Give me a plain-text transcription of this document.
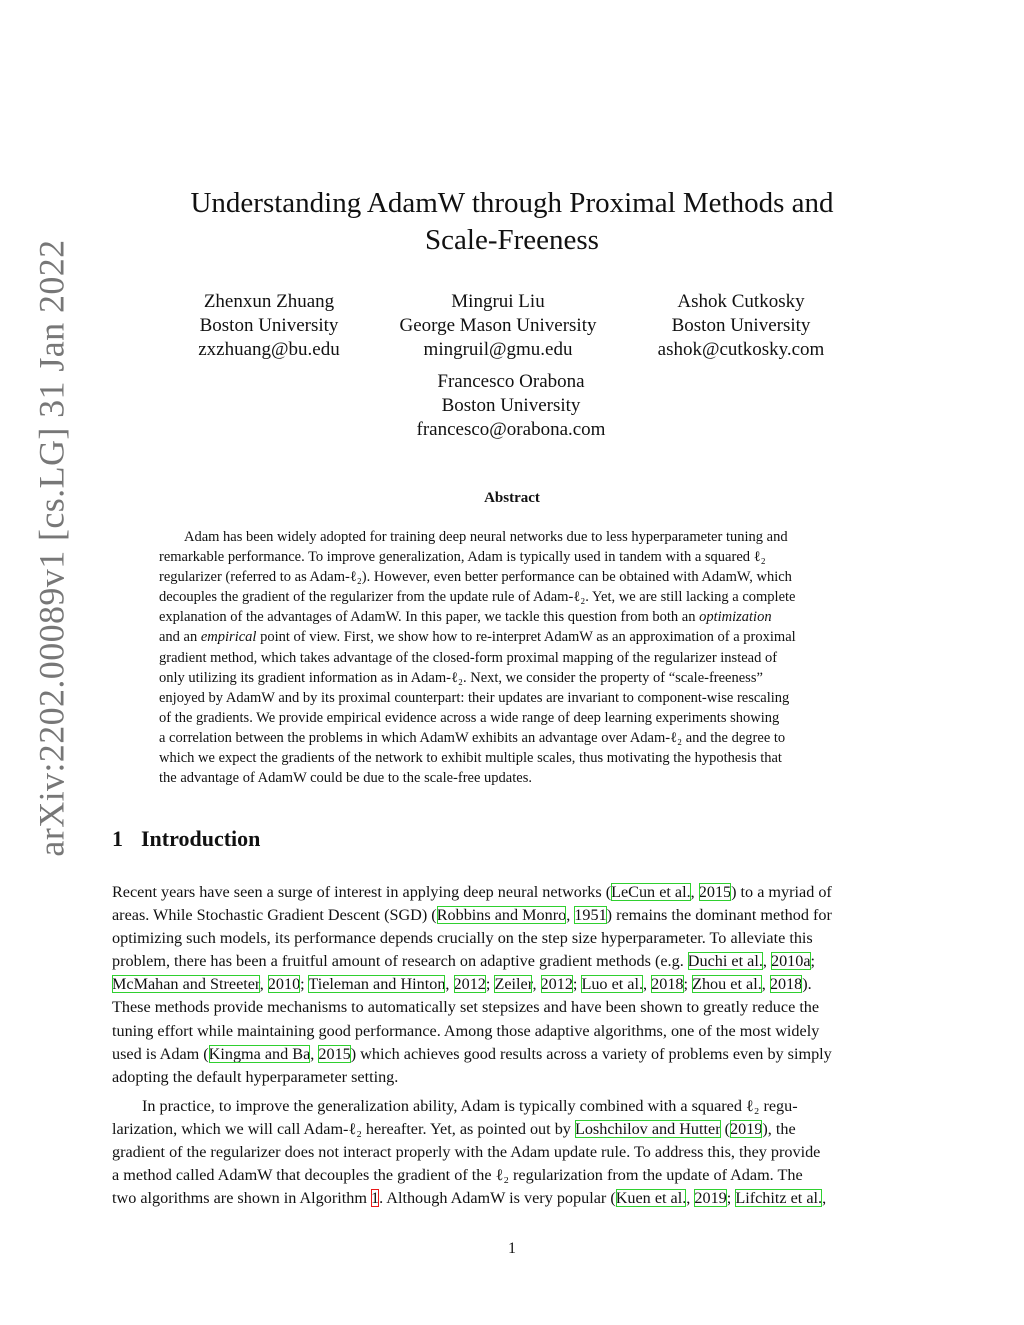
arXiv:2202.00089v1 [cs.LG] 31 Jan 2022
Understanding AdamW through Proximal Methods and
Scale-Freeness
Zhenxun Zhuang
Boston University
zxzhuang@bu.edu
Mingrui Liu
George Mason University
mingruil@gmu.edu
Ashok Cutkosky
Boston University
ashok@cutkosky.com
Francesco Orabona
Boston University
francesco@orabona.com
Abstract
Adam has been widely adopted for training deep neural networks due to less hyperparameter tuning and
remarkable performance. To improve generalization, Adam is typically used in tandem with a squared ℓ₂
regularizer (referred to as Adam-ℓ₂). However, even better performance can be obtained with AdamW, which
decouples the gradient of the regularizer from the update rule of Adam-ℓ₂. Yet, we are still lacking a complete
explanation of the advantages of AdamW. In this paper, we tackle this question from both an optimization
and an empirical point of view. First, we show how to re-interpret AdamW as an approximation of a proximal
gradient method, which takes advantage of the closed-form proximal mapping of the regularizer instead of
only utilizing its gradient information as in Adam-ℓ₂. Next, we consider the property of “scale-freeness”
enjoyed by AdamW and by its proximal counterpart: their updates are invariant to component-wise rescaling
of the gradients. We provide empirical evidence across a wide range of deep learning experiments showing
a correlation between the problems in which AdamW exhibits an advantage over Adam-ℓ₂ and the degree to
which we expect the gradients of the network to exhibit multiple scales, thus motivating the hypothesis that
the advantage of AdamW could be due to the scale-free updates.
1 Introduction
Recent years have seen a surge of interest in applying deep neural networks (LeCun et al., 2015) to a myriad of
areas. While Stochastic Gradient Descent (SGD) (Robbins and Monro, 1951) remains the dominant method for
optimizing such models, its performance depends crucially on the step size hyperparameter. To alleviate this
problem, there has been a fruitful amount of research on adaptive gradient methods (e.g. Duchi et al., 2010a;
McMahan and Streeter, 2010; Tieleman and Hinton, 2012; Zeiler, 2012; Luo et al., 2018; Zhou et al., 2018).
These methods provide mechanisms to automatically set stepsizes and have been shown to greatly reduce the
tuning effort while maintaining good performance. Among those adaptive algorithms, one of the most widely
used is Adam (Kingma and Ba, 2015) which achieves good results across a variety of problems even by simply
adopting the default hyperparameter setting.
In practice, to improve the generalization ability, Adam is typically combined with a squared ℓ₂ regu-
larization, which we will call Adam-ℓ₂ hereafter. Yet, as pointed out by Loshchilov and Hutter (2019), the
gradient of the regularizer does not interact properly with the Adam update rule. To address this, they provide
a method called AdamW that decouples the gradient of the ℓ₂ regularization from the update of Adam. The
two algorithms are shown in Algorithm 1. Although AdamW is very popular (Kuen et al., 2019; Lifchitz et al.,
1
